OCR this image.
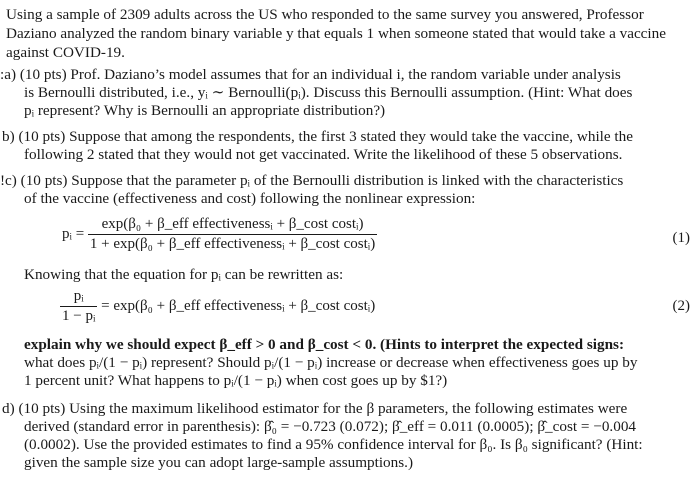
Using a sample of 2309 adults across the US who responded to the same survey you answered, Professor
Daziano analyzed the random binary variable y that equals 1 when someone stated that would take a vaccine
against COVID-19.
:a) (10 pts) Prof. Daziano’s model assumes that for an individual i, the random variable under analysis
is Bernoulli distributed, i.e., yᵢ ∼ Bernoulli(pᵢ). Discuss this Bernoulli assumption. (Hint: What does
pᵢ represent? Why is Bernoulli an appropriate distribution?)
b) (10 pts) Suppose that among the respondents, the first 3 stated they would take the vaccine, while the
following 2 stated that they would not get vaccinated. Write the likelihood of these 5 observations.
!c) (10 pts) Suppose that the parameter pᵢ of the Bernoulli distribution is linked with the characteristics
of the vaccine (effectiveness and cost) following the nonlinear expression:
pᵢ = $\frac{\text{exp(β₀ + β\_eff effectivenessᵢ + β\_cost costᵢ)}}{\text{1 + exp(β₀ + β\_eff effectivenessᵢ + β\_cost costᵢ)}}$	(1)
Knowing that the equation for pᵢ can be rewritten as:
$\frac{\text{pᵢ}}{\text{1 − pᵢ}} = \exp(\beta_0$ + β_eff effectivenessᵢ + β_cost costᵢ)	(2)
explain why we should expect β_eff > 0 and β_cost < 0. (Hints to interpret the expected signs:
what does pᵢ/(1 − pᵢ) represent? Should pᵢ/(1 − pᵢ) increase or decrease when effectiveness goes up by
1 percent unit? What happens to pᵢ/(1 − pᵢ) when cost goes up by $1?)
d) (10 pts) Using the maximum likelihood estimator for the β parameters, the following estimates were
derived (standard error in parenthesis): β̂₀ = −0.723 (0.072); β̂_eff = 0.011 (0.0005); β̂_cost = −0.004
(0.0002). Use the provided estimates to find a 95% confidence interval for β₀. Is β₀ significant? (Hint:
given the sample size you can adopt large-sample assumptions.)
